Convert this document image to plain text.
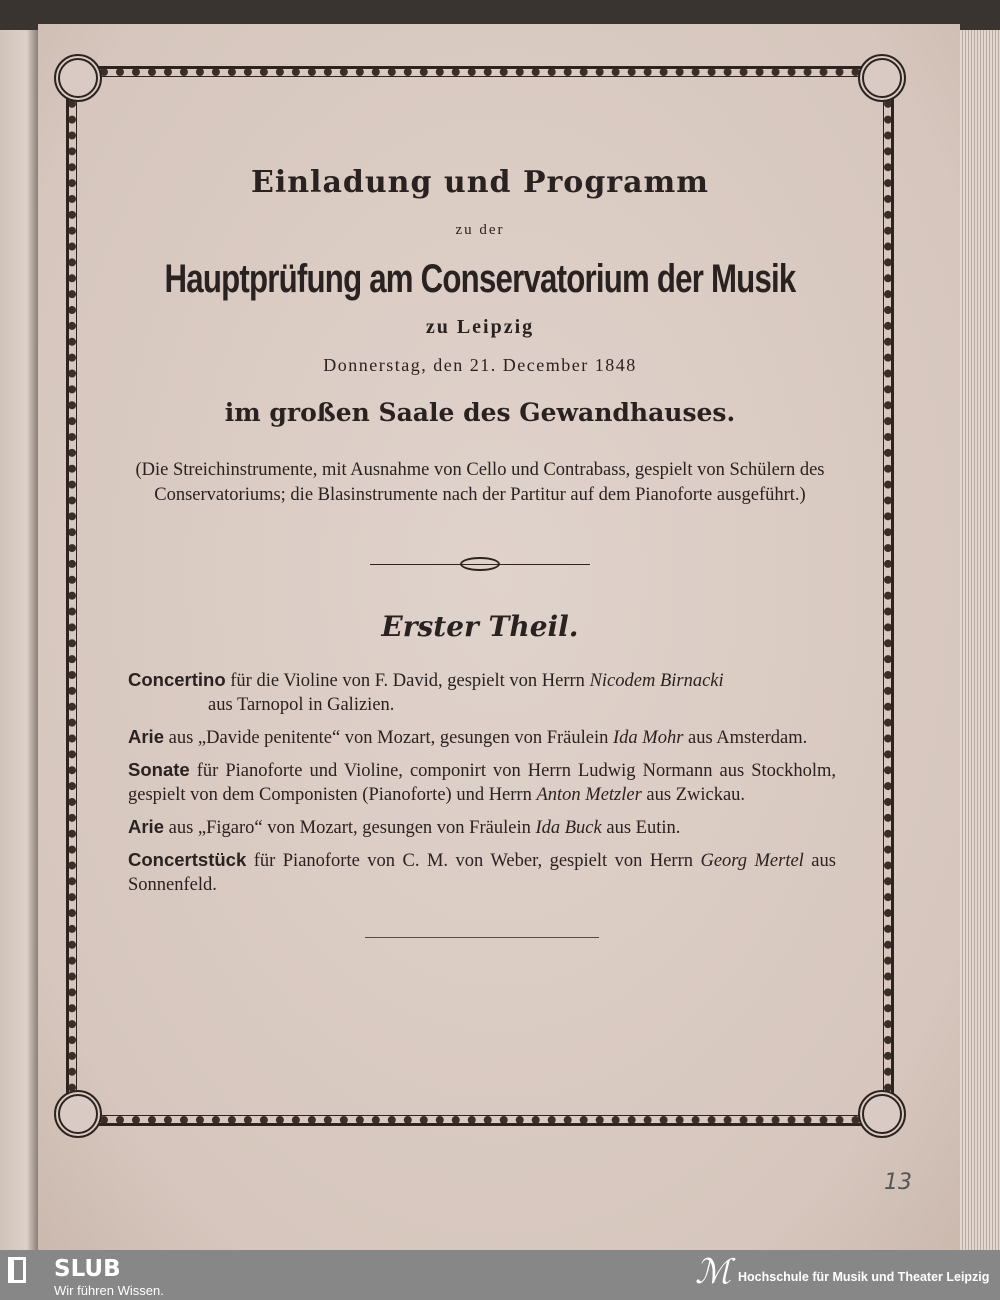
Einladung und Programm
zu der
Hauptprüfung am Conservatorium der Musik
zu Leipzig
Donnerstag, den 21. December 1848
im großen Saale des Gewandhauses.
(Die Streichinstrumente, mit Ausnahme von Cello und Contrabass, gespielt von Schülern des Conservatoriums; die Blasinstrumente nach der Partitur auf dem Pianoforte ausgeführt.)
Erster Theil.
Concertino für die Violine von F. David, gespielt von Herrn Nicodem Birnacki
aus Tarnopol in Galizien.
Arie aus „Davide penitente“ von Mozart, gesungen von Fräulein Ida Mohr aus Amsterdam.
Sonate für Pianoforte und Violine, componirt von Herrn Ludwig Normann aus Stockholm, gespielt von dem Componisten (Pianoforte) und Herrn Anton Metzler aus Zwickau.
Arie aus „Figaro“ von Mozart, gesungen von Fräulein Ida Buck aus Eutin.
Concertstück für Pianoforte von C. M. von Weber, gespielt von Herrn Georg Mertel aus Sonnenfeld.
13
SLUB
Wir führen Wissen.	ℳ Hochschule für Musik und Theater Leipzig
